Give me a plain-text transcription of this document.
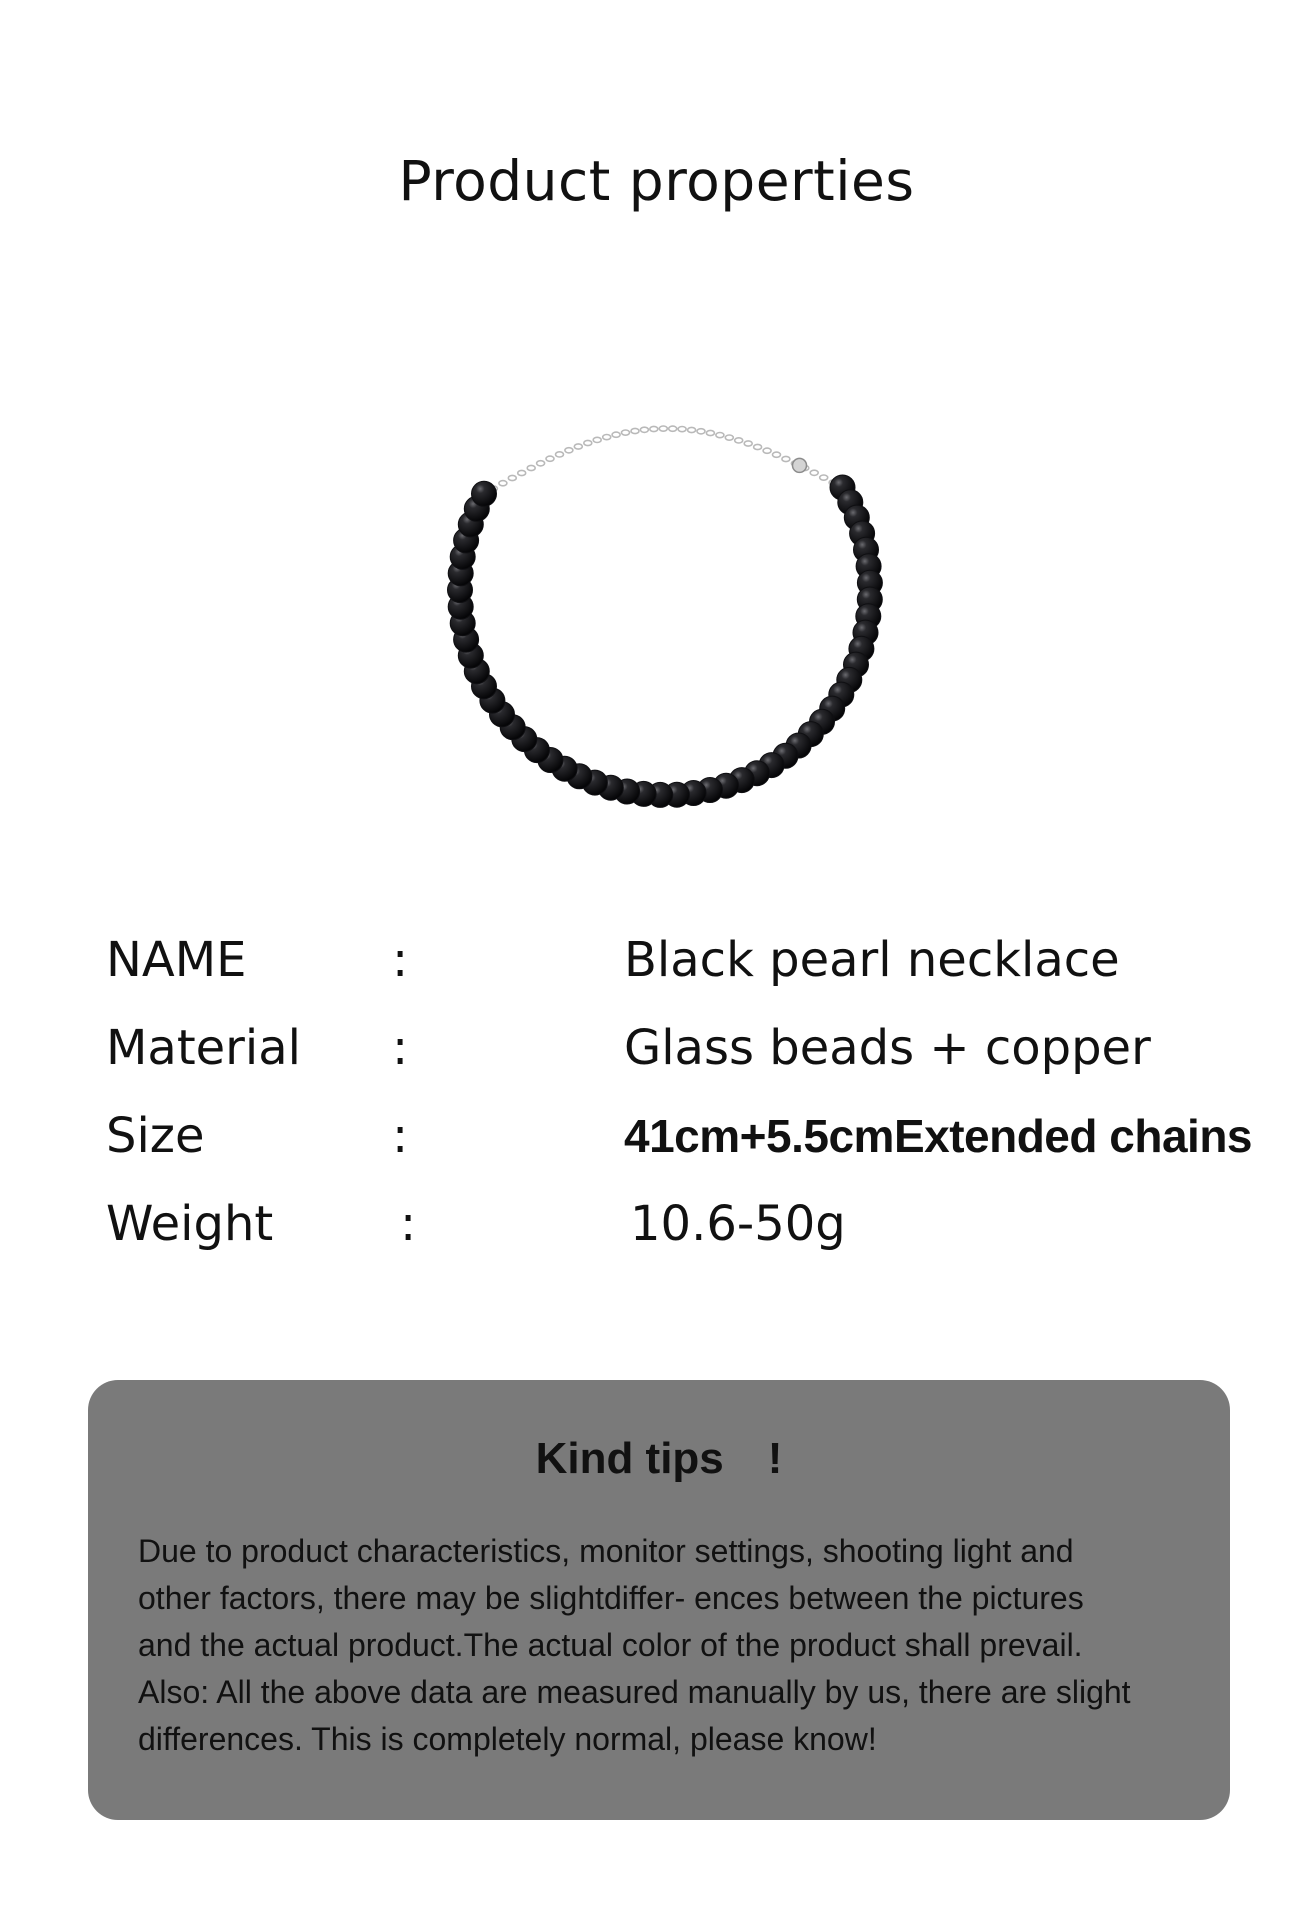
Product properties
NAME	:	Black pearl necklace
Material :	Glass beads + copper
Size	:	41cm+5.5cmExtended chains
Weight	:	10.6-50g
Kind tips　!
Due to product characteristics, monitor settings, shooting light and
other factors, there may be slightdiffer- ences between the pictures
and the actual product.The actual color of the product shall prevail.
Also: All the above data are measured manually by us, there are slight
differences. This is completely normal, please know!
